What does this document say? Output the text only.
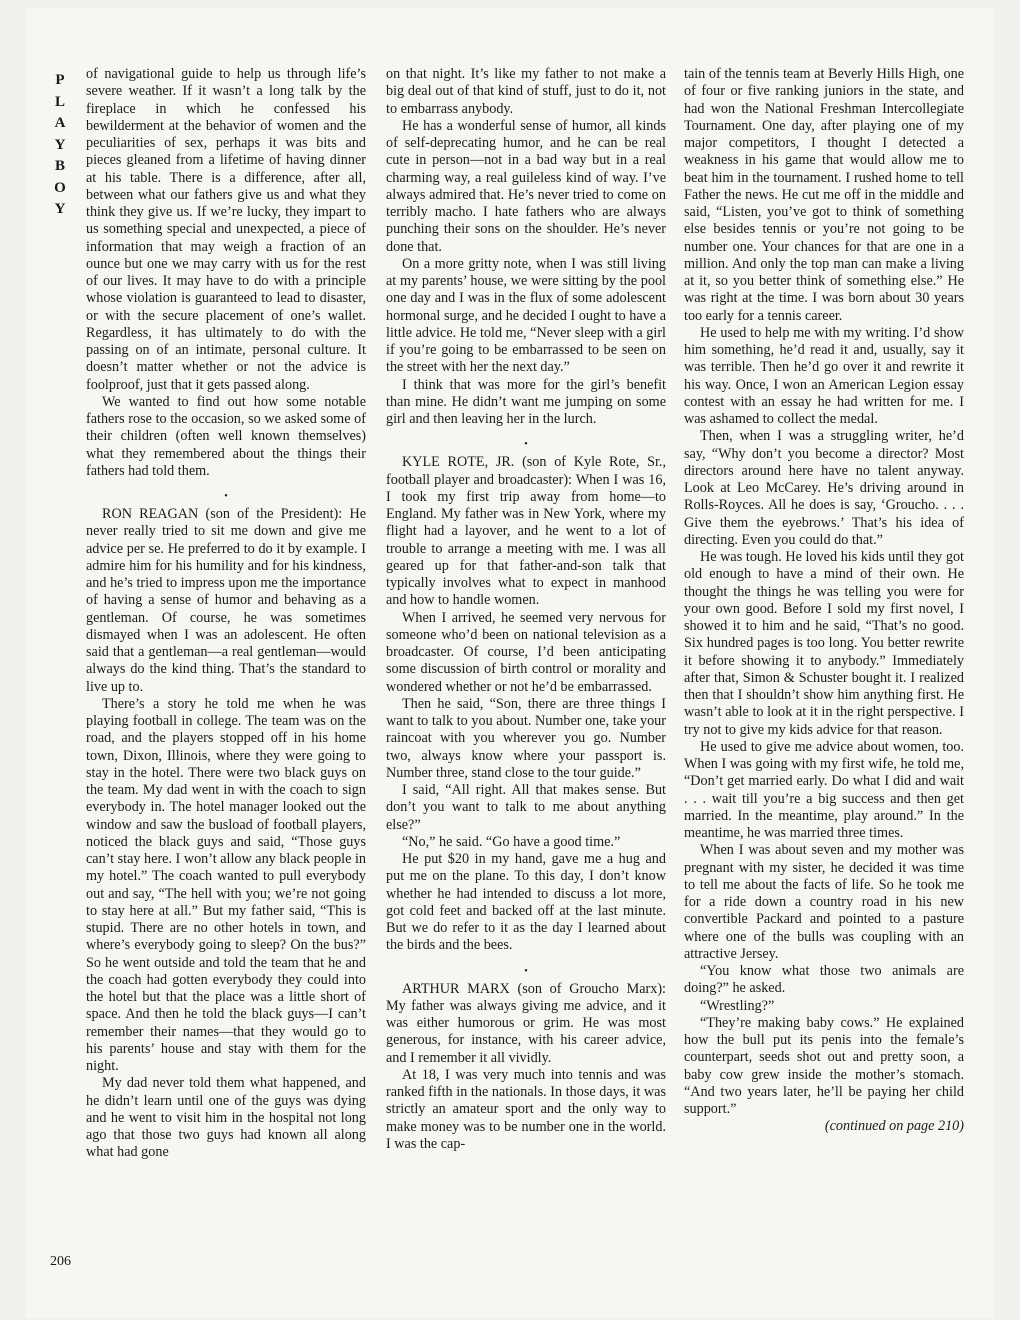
P
L
A
Y
B
O
Y
206

of navigational guide to help us through life’s severe weather. If it wasn’t a long talk by the fireplace in which he confessed his bewilderment at the behavior of women and the peculiarities of sex, perhaps it was bits and pieces gleaned from a lifetime of having dinner at his table. There is a difference, after all, between what our fathers give us and what they think they give us. If we’re lucky, they impart to us something special and unexpected, a piece of information that may weigh a fraction of an ounce but one we may carry with us for the rest of our lives. It may have to do with a principle whose violation is guaranteed to lead to disaster, or with the secure placement of one’s wallet. Regardless, it has ultimately to do with the passing on of an intimate, personal culture. It doesn’t matter whether or not the advice is foolproof, just that it gets passed along.

We wanted to find out how some notable fathers rose to the occasion, so we asked some of their children (often well known themselves) what they remembered about the things their fathers had told them.

•

RON REAGAN (son of the President): He never really tried to sit me down and give me advice per se. He preferred to do it by example. I admire him for his humility and for his kindness, and he’s tried to impress upon me the importance of having a sense of humor and behaving as a gentleman. Of course, he was sometimes dismayed when I was an adolescent. He often said that a gentleman—a real gentleman—would always do the kind thing. That’s the standard to live up to.

There’s a story he told me when he was playing football in college. The team was on the road, and the players stopped off in his home town, Dixon, Illinois, where they were going to stay in the hotel. There were two black guys on the team. My dad went in with the coach to sign everybody in. The hotel manager looked out the window and saw the busload of football players, noticed the black guys and said, “Those guys can’t stay here. I won’t allow any black people in my hotel.” The coach wanted to pull everybody out and say, “The hell with you; we’re not going to stay here at all.” But my father said, “This is stupid. There are no other hotels in town, and where’s everybody going to sleep? On the bus?” So he went outside and told the team that he and the coach had gotten everybody they could into the hotel but that the place was a little short of space. And then he told the black guys—I can’t remember their names—that they would go to his parents’ house and stay with them for the night.

My dad never told them what happened, and he didn’t learn until one of the guys was dying and he went to visit him in the hospital not long ago that those two guys had known all along what had gone

on that night. It’s like my father to not make a big deal out of that kind of stuff, just to do it, not to embarrass anybody.

He has a wonderful sense of humor, all kinds of self-deprecating humor, and he can be real cute in person—not in a bad way but in a real charming way, a real guileless kind of way. I’ve always admired that. He’s never tried to come on terribly macho. I hate fathers who are always punching their sons on the shoulder. He’s never done that.

On a more gritty note, when I was still living at my parents’ house, we were sitting by the pool one day and I was in the flux of some adolescent hormonal surge, and he decided I ought to have a little advice. He told me, “Never sleep with a girl if you’re going to be embarrassed to be seen on the street with her the next day.”

I think that was more for the girl’s benefit than mine. He didn’t want me jumping on some girl and then leaving her in the lurch.

•

KYLE ROTE, JR. (son of Kyle Rote, Sr., football player and broadcaster): When I was 16, I took my first trip away from home—to England. My father was in New York, where my flight had a layover, and he went to a lot of trouble to arrange a meeting with me. I was all geared up for that father-and-son talk that typically involves what to expect in manhood and how to handle women.

When I arrived, he seemed very nervous for someone who’d been on national television as a broadcaster. Of course, I’d been anticipating some discussion of birth control or morality and wondered whether or not he’d be embarrassed.

Then he said, “Son, there are three things I want to talk to you about. Number one, take your raincoat with you wherever you go. Number two, always know where your passport is. Number three, stand close to the tour guide.”

I said, “All right. All that makes sense. But don’t you want to talk to me about anything else?”

“No,” he said. “Go have a good time.”

He put $20 in my hand, gave me a hug and put me on the plane. To this day, I don’t know whether he had intended to discuss a lot more, got cold feet and backed off at the last minute. But we do refer to it as the day I learned about the birds and the bees.

•

ARTHUR MARX (son of Groucho Marx): My father was always giving me advice, and it was either humorous or grim. He was most generous, for instance, with his career advice, and I remember it all vividly.

At 18, I was very much into tennis and was ranked fifth in the nationals. In those days, it was strictly an amateur sport and the only way to make money was to be number one in the world. I was the cap-

tain of the tennis team at Beverly Hills High, one of four or five ranking juniors in the state, and had won the National Freshman Intercollegiate Tournament. One day, after playing one of my major competitors, I thought I detected a weakness in his game that would allow me to beat him in the tournament. I rushed home to tell Father the news. He cut me off in the middle and said, “Listen, you’ve got to think of something else besides tennis or you’re not going to be number one. Your chances for that are one in a million. And only the top man can make a living at it, so you better think of something else.” He was right at the time. I was born about 30 years too early for a tennis career.

He used to help me with my writing. I’d show him something, he’d read it and, usually, say it was terrible. Then he’d go over it and rewrite it his way. Once, I won an American Legion essay contest with an essay he had written for me. I was ashamed to collect the medal.

Then, when I was a struggling writer, he’d say, “Why don’t you become a director? Most directors around here have no talent anyway. Look at Leo McCarey. He’s driving around in Rolls-Royces. All he does is say, ‘Groucho. . . . Give them the eyebrows.’ That’s his idea of directing. Even you could do that.”

He was tough. He loved his kids until they got old enough to have a mind of their own. He thought the things he was telling you were for your own good. Before I sold my first novel, I showed it to him and he said, “That’s no good. Six hundred pages is too long. You better rewrite it before showing it to anybody.” Immediately after that, Simon & Schuster bought it. I realized then that I shouldn’t show him anything first. He wasn’t able to look at it in the right perspective. I try not to give my kids advice for that reason.

He used to give me advice about women, too. When I was going with my first wife, he told me, “Don’t get married early. Do what I did and wait . . . wait till you’re a big success and then get married. In the meantime, play around.” In the meantime, he was married three times.

When I was about seven and my mother was pregnant with my sister, he decided it was time to tell me about the facts of life. So he took me for a ride down a country road in his new convertible Packard and pointed to a pasture where one of the bulls was coupling with an attractive Jersey.

“You know what those two animals are doing?” he asked.

“Wrestling?”

“They’re making baby cows.” He explained how the bull put its penis into the female’s counterpart, seeds shot out and pretty soon, a baby cow grew inside the mother’s stomach. “And two years later, he’ll be paying her child support.”

(continued on page 210)
